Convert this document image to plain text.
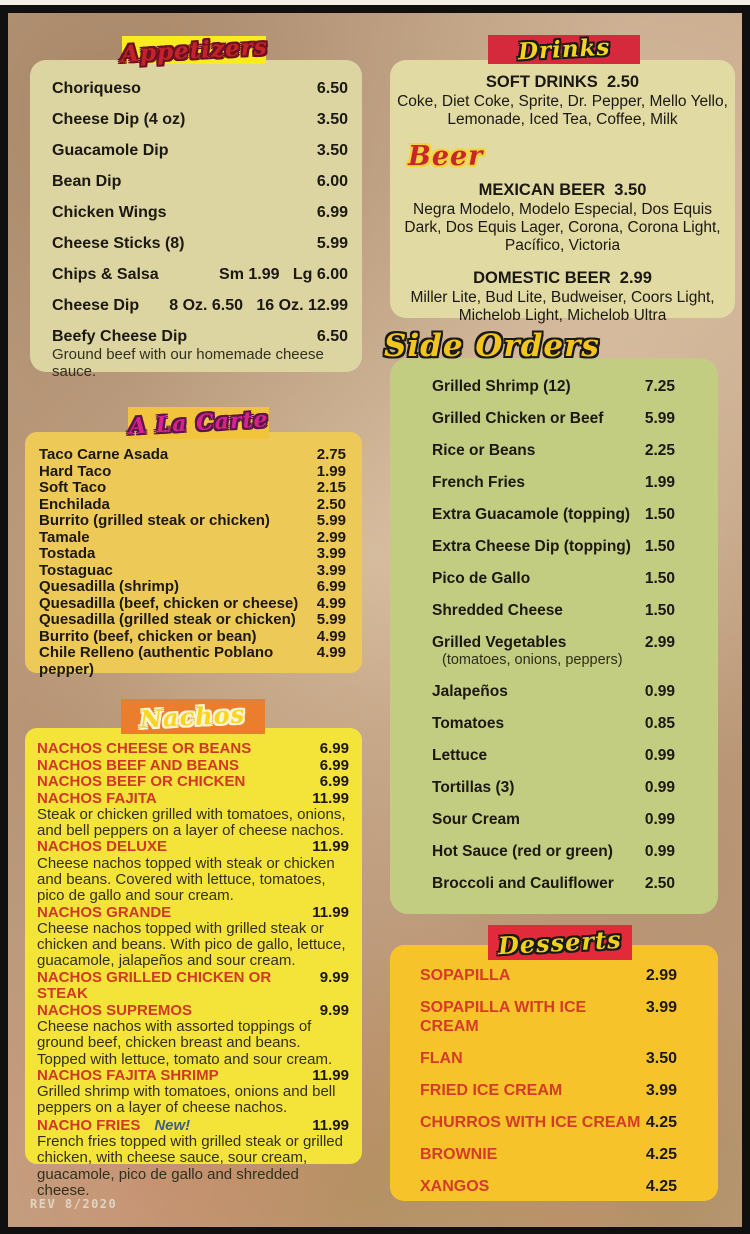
Appetizers
Choriqueso	6.50
Cheese Dip (4 oz)	3.50
Guacamole Dip	3.50
Bean Dip	6.00
Chicken Wings	6.99
Cheese Sticks (8)	5.99
Chips & Salsa	Sm 1.99   Lg 6.00
Cheese Dip 8 Oz. 6.50   16 Oz. 12.99
Beefy Cheese Dip	6.50
Ground beef with our homemade cheese sauce.
A La Carte
Taco Carne Asada	2.75
Hard Taco	1.99
Soft Taco	2.15
Enchilada	2.50
Burrito (grilled steak or chicken)	5.99
Tamale	2.99
Tostada	3.99
Tostaguac	3.99
Quesadilla (shrimp)	6.99
Quesadilla (beef, chicken or cheese) 4.99
Quesadilla (grilled steak or chicken) 5.99
Burrito (beef, chicken or bean)	4.99
Chile Relleno (authentic Poblano pepper)
4.99
Nachos
NACHOS CHEESE OR BEANS	6.99
NACHOS BEEF AND BEANS	6.99
NACHOS BEEF OR CHICKEN	6.99
NACHOS FAJITA	11.99
Steak or chicken grilled with tomatoes, onions, and bell peppers on a layer of cheese nachos.
NACHOS DELUXE	11.99
Cheese nachos topped with steak or chicken and beans. Covered with lettuce, tomatoes, pico de gallo and sour cream.
NACHOS GRANDE	11.99
Cheese nachos topped with grilled steak or chicken and beans. With pico de gallo, lettuce, guacamole, jalapeños and sour cream.
NACHOS GRILLED CHICKEN OR STEAK
9.99
NACHOS SUPREMOS	9.99
Cheese nachos with assorted toppings of ground beef, chicken breast and beans. Topped with lettuce, tomato and sour cream.
NACHOS FAJITA SHRIMP	11.99
Grilled shrimp with tomatoes, onions and bell peppers on a layer of cheese nachos.
NACHO FRIES New!	11.99
French fries topped with grilled steak or grilled chicken, with cheese sauce, sour cream, guacamole, pico de gallo and shredded cheese.
Drinks
SOFT DRINKS 2.50
Coke, Diet Coke, Sprite, Dr. Pepper, Mello Yello, Lemonade, Iced Tea, Coffee, Milk
MEXICAN BEER 3.50
Negra Modelo, Modelo Especial, Dos Equis Dark, Dos Equis Lager, Corona, Corona Light, Pacífico, Victoria
DOMESTIC BEER 2.99
Miller Lite, Bud Lite, Budweiser, Coors Light, Michelob Light, Michelob Ultra
Beer
Side Orders
Grilled Shrimp (12)	7.25
Grilled Chicken or Beef	5.99
Rice or Beans	2.25
French Fries	1.99
Extra Guacamole (topping) 1.50
Extra Cheese Dip (topping) 1.50
Pico de Gallo	1.50
Shredded Cheese	1.50
Grilled Vegetables	2.99
(tomatoes, onions, peppers)
Jalapeños	0.99
Tomatoes	0.85
Lettuce	0.99
Tortillas (3)	0.99
Sour Cream	0.99
Hot Sauce (red or green) 0.99
Broccoli and Cauliflower 2.50
Desserts
SOPAPILLA	2.99
SOPAPILLA WITH ICE CREAM
3.99
FLAN	3.50
FRIED ICE CREAM	3.99
CHURROS WITH ICE CREAM 4.25
BROWNIE	4.25
XANGOS	4.25
REV 8/2020
